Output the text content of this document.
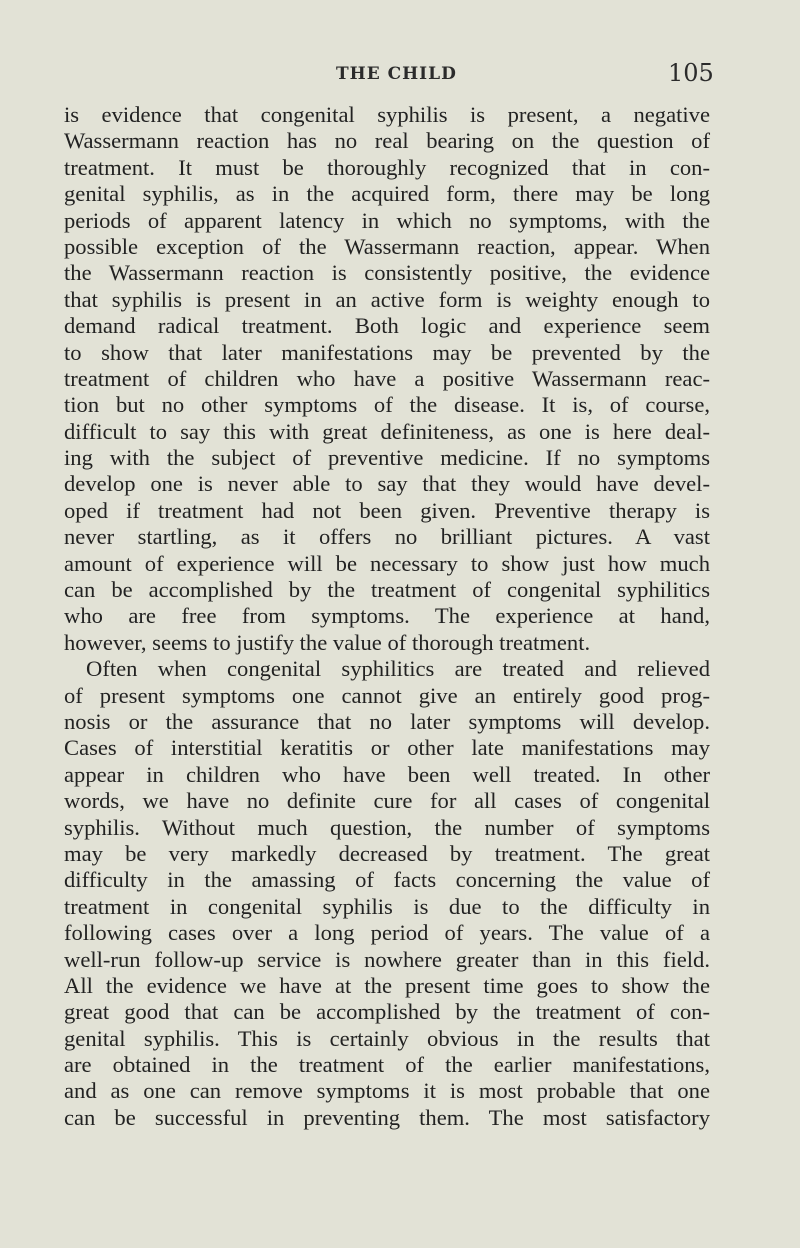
THE CHILD	105
is evidence that congenital syphilis is present, a negative
Wassermann reaction has no real bearing on the question of
treatment. It must be thoroughly recognized that in con-
genital syphilis, as in the acquired form, there may be long
periods of apparent latency in which no symptoms, with the
possible exception of the Wassermann reaction, appear. When
the Wassermann reaction is consistently positive, the evidence
that syphilis is present in an active form is weighty enough to
demand radical treatment. Both logic and experience seem
to show that later manifestations may be prevented by the
treatment of children who have a positive Wassermann reac-
tion but no other symptoms of the disease. It is, of course,
difficult to say this with great definiteness, as one is here deal-
ing with the subject of preventive medicine. If no symptoms
develop one is never able to say that they would have devel-
oped if treatment had not been given. Preventive therapy is
never startling, as it offers no brilliant pictures. A vast
amount of experience will be necessary to show just how much
can be accomplished by the treatment of congenital syphilitics
who are free from symptoms. The experience at hand,
however, seems to justify the value of thorough treatment.
Often when congenital syphilitics are treated and relieved
of present symptoms one cannot give an entirely good prog-
nosis or the assurance that no later symptoms will develop.
Cases of interstitial keratitis or other late manifestations may
appear in children who have been well treated. In other
words, we have no definite cure for all cases of congenital
syphilis. Without much question, the number of symptoms
may be very markedly decreased by treatment. The great
difficulty in the amassing of facts concerning the value of
treatment in congenital syphilis is due to the difficulty in
following cases over a long period of years. The value of a
well-run follow-up service is nowhere greater than in this field.
All the evidence we have at the present time goes to show the
great good that can be accomplished by the treatment of con-
genital syphilis. This is certainly obvious in the results that
are obtained in the treatment of the earlier manifestations,
and as one can remove symptoms it is most probable that one
can be successful in preventing them. The most satisfactory
